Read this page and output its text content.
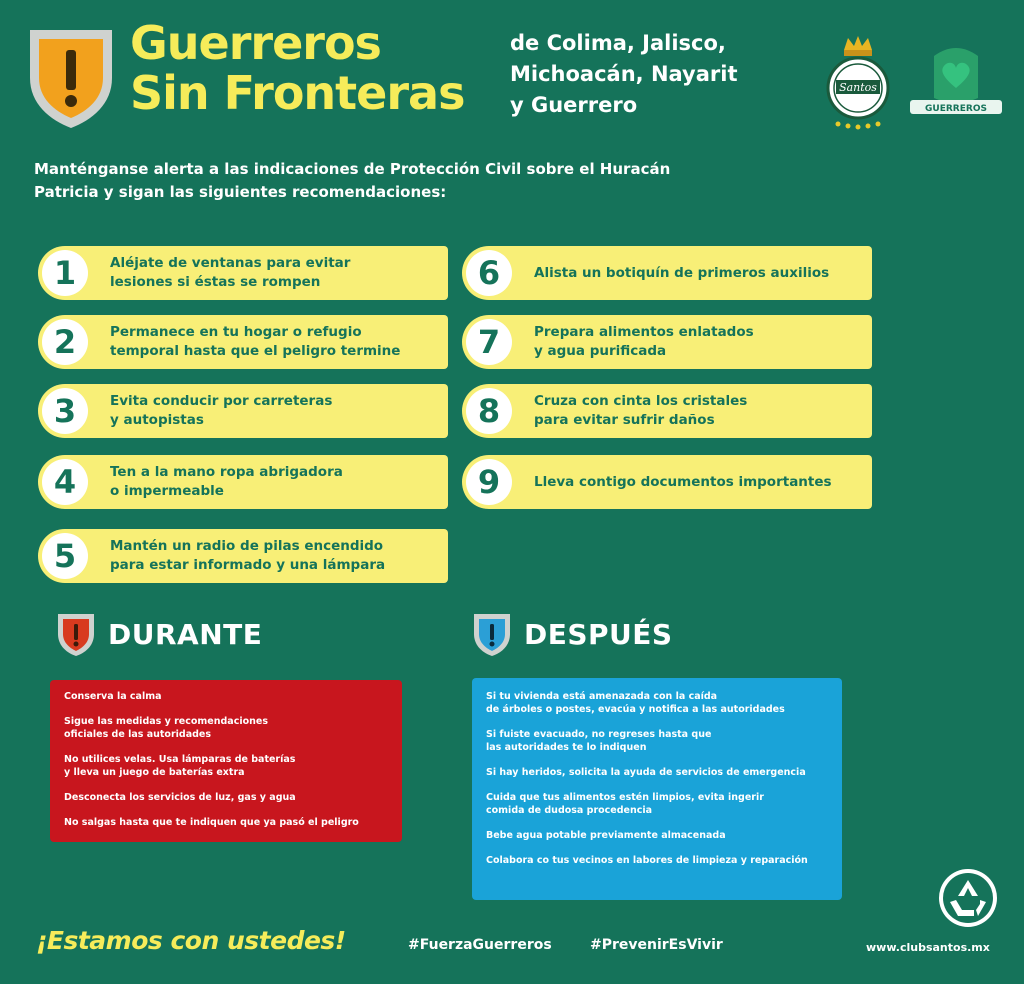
Guerreros
Sin Fronteras
de Colima, Jalisco,
Michoacán, Nayarit
y Guerrero
Santos
GUERREROS
Manténganse alerta a las indicaciones de Protección Civil sobre el Huracán Patricia y sigan las siguientes recomendaciones:
1	Aléjate de ventanas para evitar
lesiones si éstas se rompen
2	Permanece en tu hogar o refugio
temporal hasta que el peligro termine
3	Evita conducir por carreteras
y autopistas
4	Ten a la mano ropa abrigadora
o impermeable
5	Mantén un radio de pilas encendido
para estar informado y una lámpara
6	Alista un botiquín de primeros auxilios
7	Prepara alimentos enlatados
y agua purificada
8	Cruza con cinta los cristales
para evitar sufrir daños
9	Lleva contigo documentos importantes
DURANTE	DESPUÉS
Conserva la calma
Sigue las medidas y recomendaciones
oficiales de las autoridades
No utilices velas. Usa lámparas de baterías
y lleva un juego de baterías extra
Desconecta los servicios de luz, gas y agua
No salgas hasta que te indiquen que ya pasó el peligro
Si tu vivienda está amenazada con la caída
de árboles o postes, evacúa y notifica a las autoridades
Si fuiste evacuado, no regreses hasta que
las autoridades te lo indiquen
Si hay heridos, solicita la ayuda de servicios de emergencia
Cuida que tus alimentos estén limpios, evita ingerir
comida de dudosa procedencia
Bebe agua potable previamente almacenada
Colabora co tus vecinos en labores de limpieza y reparación
¡Estamos con ustedes!	#FuerzaGuerreros	#PrevenirEsVivir	www.clubsantos.mx
